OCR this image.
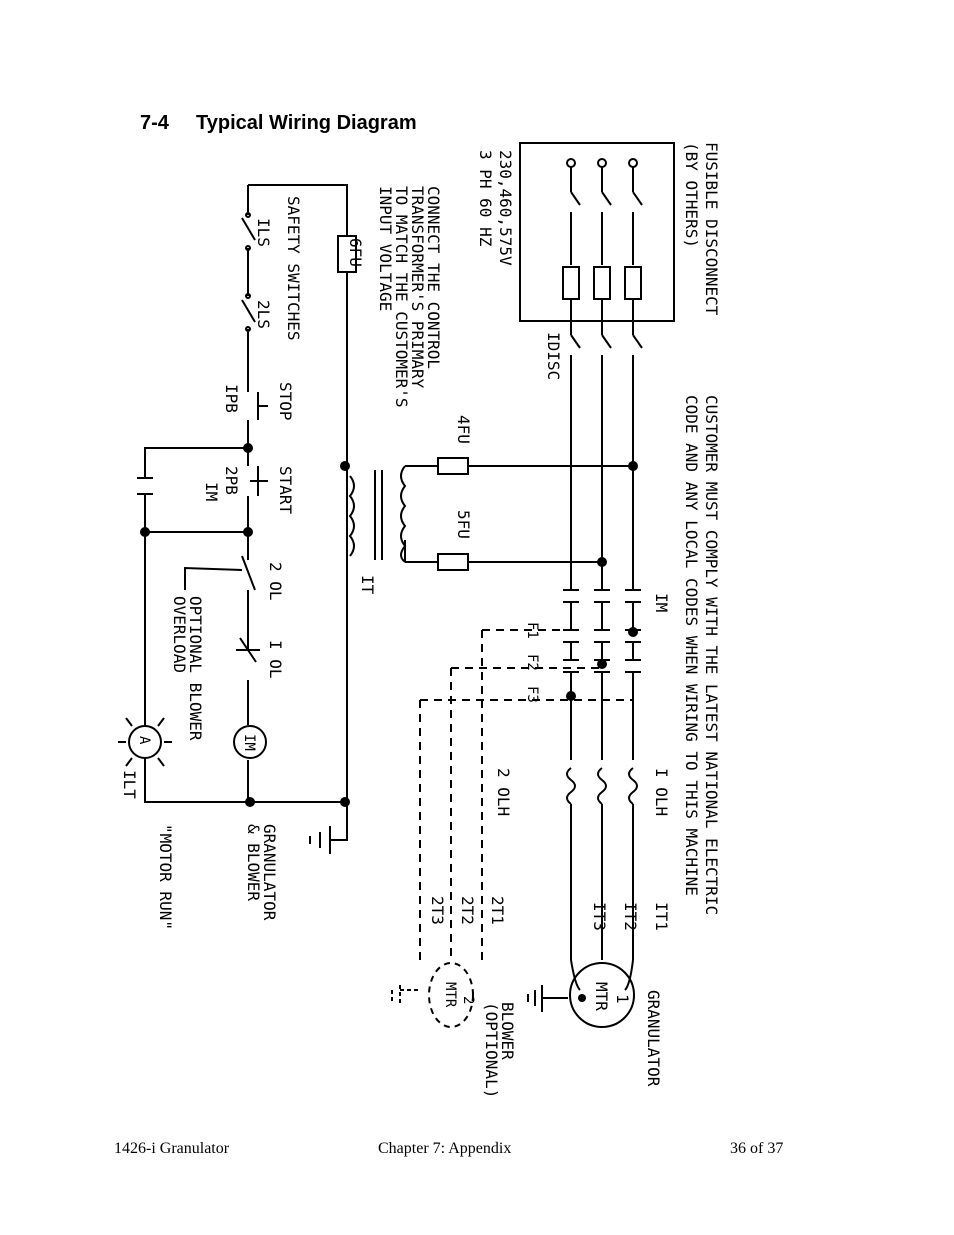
7-4 Typical Wiring Diagram
FUSIBLE DISCONNECT
(BY OTHERS)
230,460,575V
3 PH 60 HZ
IDISC
CUSTOMER MUST COMPLY WITH THE LATEST NATIONAL ELECTRIC
CODE AND ANY LOCAL CODES WHEN WIRING TO THIS MACHINE
CONNECT THE CONTROL
TRANSFORMER'S PRIMARY
TO MATCH THE CUSTOMER'S
INPUT VOLTAGE
4FU
5FU
6FU
IT
IM
F1
F2
F3
I OLH
2 OLH
IT1
IT2
IT3
2T1
2T2
2T3
1
MTR GRANULATOR
2
MTR
BLOWER
(OPTIONAL)
SAFETY SWITCHES
ILS
2LS
STOP
IPB
START
2PB
IM
2 OL
I OL
OPTIONAL BLOWER
OVERLOAD
IM
GRANULATOR
& BLOWER
A
ILT
"MOTOR RUN"
1426-i Granulator	Chapter 7: Appendix	36 of 37
